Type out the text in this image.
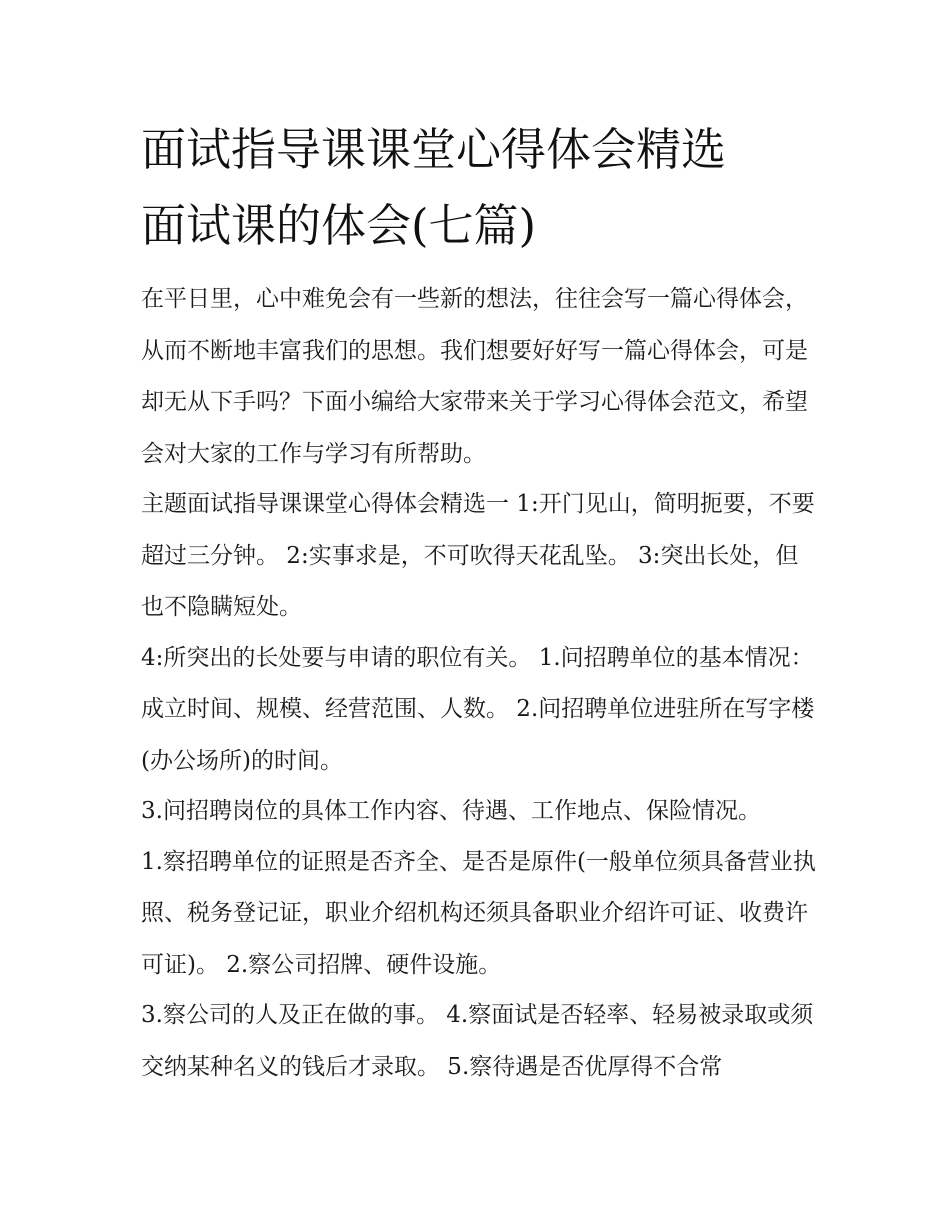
面试指导课课堂心得体会精选
面试课的体会(七篇)

在平日里，心中难免会有一些新的想法，往往会写一篇心得体会，从而不断地丰富我们的思想。我们想要好好写一篇心得体会，可是却无从下手吗？下面小编给大家带来关于学习心得体会范文，希望会对大家的工作与学习有所帮助。

主题面试指导课课堂心得体会精选一 1:开门见山，简明扼要，不要超过三分钟。 2:实事求是，不可吹得天花乱坠。 3:突出长处，但也不隐瞒短处。

4:所突出的长处要与申请的职位有关。 1.问招聘单位的基本情况：成立时间、规模、经营范围、人数。 2.问招聘单位进驻所在写字楼(办公场所)的时间。

3.问招聘岗位的具体工作内容、待遇、工作地点、保险情况。

1.察招聘单位的证照是否齐全、是否是原件(一般单位须具备营业执照、税务登记证，职业介绍机构还须具备职业介绍许可证、收费许可证)。 2.察公司招牌、硬件设施。

3.察公司的人及正在做的事。 4.察面试是否轻率、轻易被录取或须交纳某种名义的钱后才录取。 5.察待遇是否优厚得不合常
